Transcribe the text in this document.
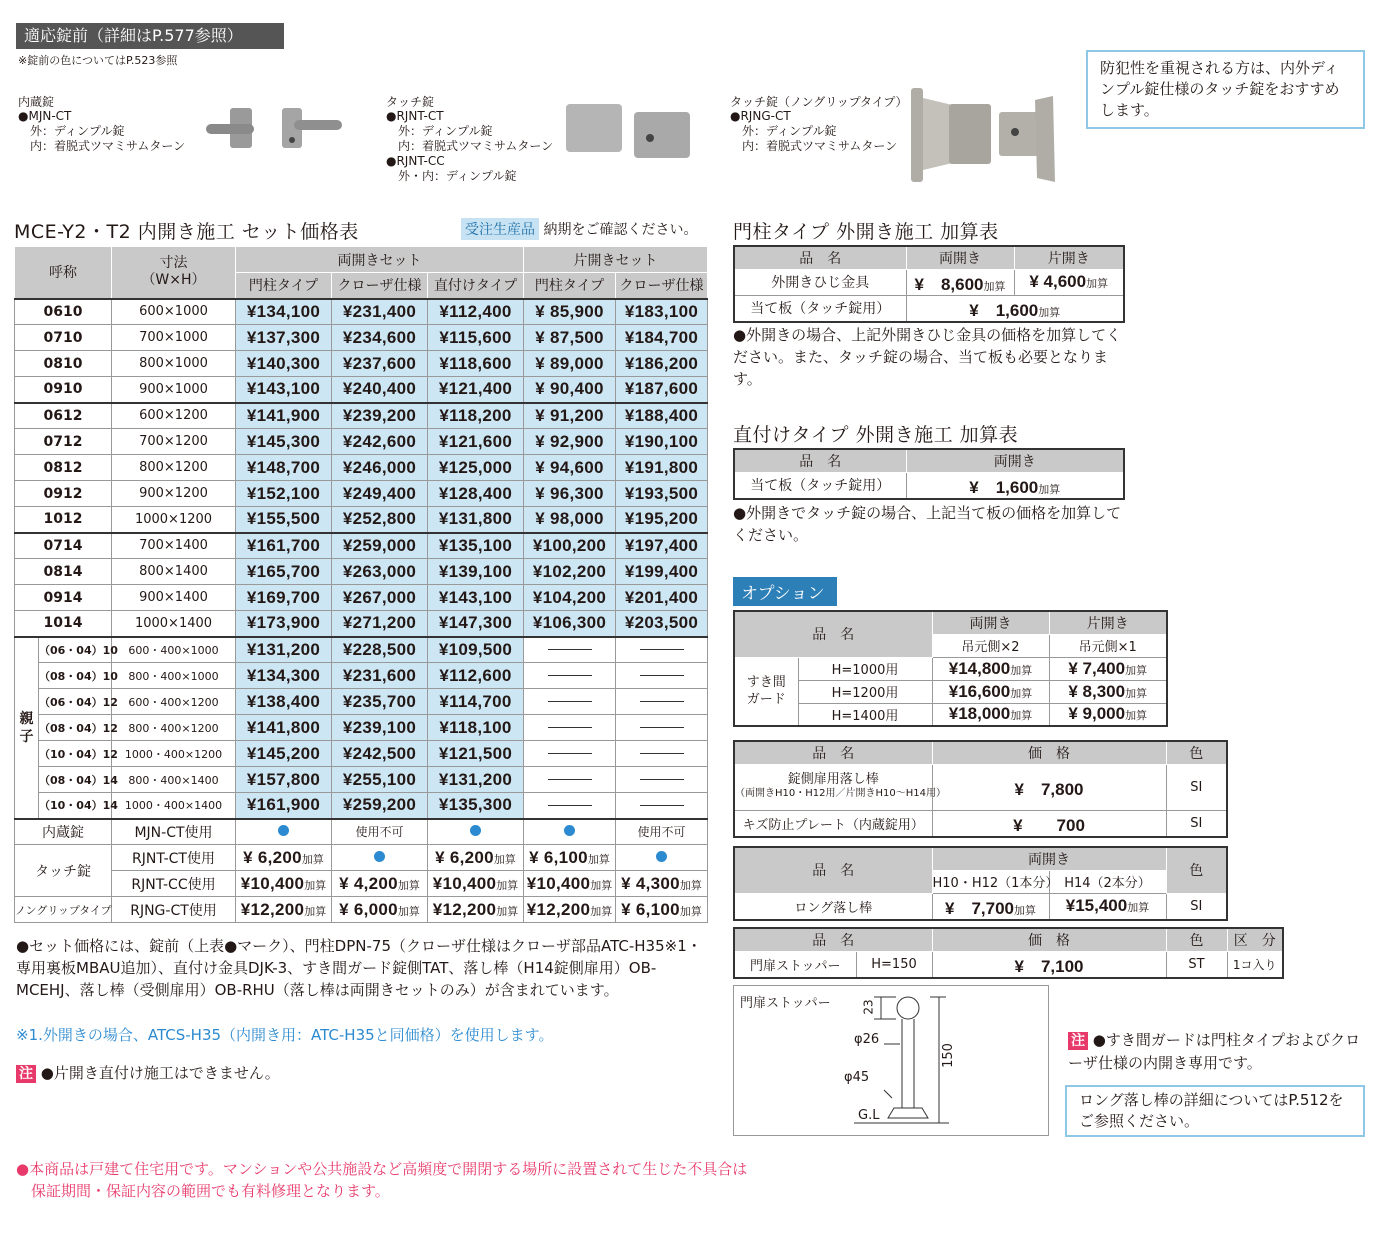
適応錠前（詳細はP.577参照）
※錠前の色についてはP.523参照
内蔵錠
●MJN-CT
　外：ディンプル錠
　内：着脱式ツマミサムターン
タッチ錠
●RJNT-CT
　外：ディンプル錠
　内：着脱式ツマミサムターン
●RJNT-CC
　外・内：ディンプル錠
タッチ錠（ノングリップタイプ）
●RJNG-CT
　外：ディンプル錠
　内：着脱式ツマミサムターン
防犯性を重視される方は、内外ディンプル錠仕様のタッチ錠をおすすめします。
MCE-Y2・T2 内開き施工 セット価格表	受注生産品 納期をご確認ください。
呼称		寸法
（W×H）	両開きセット			片開きセット	
			門柱タイプ	クローザ仕様	直付けタイプ	門柱タイプ	クローザ仕様
0610		600×1000	¥134,100	¥231,400	¥112,400	¥ 85,900	¥183,100
0710		700×1000	¥137,300	¥234,600	¥115,600	¥ 87,500	¥184,700
0810		800×1000	¥140,300	¥237,600	¥118,600	¥ 89,000	¥186,200
0910		900×1000	¥143,100	¥240,400	¥121,400	¥ 90,400	¥187,600
0612		600×1200	¥141,900	¥239,200	¥118,200	¥ 91,200	¥188,400
0712		700×1200	¥145,300	¥242,600	¥121,600	¥ 92,900	¥190,100
0812		800×1200	¥148,700	¥246,000	¥125,000	¥ 94,600	¥191,800
0912		900×1200	¥152,100	¥249,400	¥128,400	¥ 96,300	¥193,500
1012		1000×1200	¥155,500	¥252,800	¥131,800	¥ 98,000	¥195,200
0714		700×1400	¥161,700	¥259,000	¥135,100	¥100,200	¥197,400
0814		800×1400	¥165,700	¥263,000	¥139,100	¥102,200	¥199,400
0914		900×1400	¥169,700	¥267,000	¥143,100	¥104,200	¥201,400
1014		1000×1400	¥173,900	¥271,200	¥147,300	¥106,300	¥203,500
親
子	（06・04）10	600・400×1000	¥131,200	¥228,500	¥109,500		
	（08・04）10	800・400×1000	¥134,300	¥231,600	¥112,600		
	（06・04）12	600・400×1200	¥138,400	¥235,700	¥114,700		
	（08・04）12	800・400×1200	¥141,800	¥239,100	¥118,100		
	（10・04）12	1000・400×1200	¥145,200	¥242,500	¥121,500		
	（08・04）14	800・400×1400	¥157,800	¥255,100	¥131,200		
	（10・04）14	1000・400×1400	¥161,900	¥259,200	¥135,300		
内蔵錠		MJN-CT使用		使用不可			使用不可
タッチ錠		RJNT-CT使用	¥ 6,200加算		¥ 6,200加算	¥ 6,100加算	
		RJNT-CC使用	¥10,400加算	¥ 4,200加算	¥10,400加算	¥10,400加算	¥ 4,300加算
ノングリップタイプ		RJNG-CT使用	¥12,200加算	¥ 6,000加算	¥12,200加算	¥12,200加算	¥ 6,100加算
●セット価格には、錠前（上表●マーク）、門柱DPN-75（クローザ仕様はクローザ部品ATC-H35※1・専用裏板MBAU追加）、直付け金具DJK-3、すき間ガード錠側TAT、落し棒（H14錠側扉用）OB-MCEHJ、落し棒（受側扉用）OB-RHU（落し棒は両開きセットのみ）が含まれています。
※1.外開きの場合、ATCS-H35（内開き用：ATC-H35と同価格）を使用します。
注 ●片開き直付け施工はできません。
●本商品は戸建て住宅用です。マンションや公共施設など高頻度で開閉する場所に設置されて生じた不具合は
　保証期間・保証内容の範囲でも有料修理となります。
門柱タイプ 外開き施工 加算表
品　名	両開き	片開き
外開きひじ金具	¥　8,600加算	¥ 4,600加算
当て板（タッチ錠用）	¥　1,600加算	
●外開きの場合、上記外開きひじ金具の価格を加算してください。また、タッチ錠の場合、当て板も必要となります。
直付けタイプ 外開き施工 加算表
品　名	両開き
当て板（タッチ錠用）	¥　1,600加算
●外開きでタッチ錠の場合、上記当て板の価格を加算してください。
オプション
品　名		両開き	片開き
		吊元側×2	吊元側×1
すき間
ガード	H=1000用	¥14,800加算	¥ 7,400加算
	H=1200用	¥16,600加算	¥ 8,300加算
	H=1400用	¥18,000加算	¥ 9,000加算
品　名	価　格	色

錠側扉用落し棒
（両開きH10・H12用／片開きH10〜H14用）	¥　7,800	SI
キズ防止プレート（内蔵錠用）	¥　　700	SI
品　名	両開き		色
	H10・H12（1本分）	H14（2本分）	
ロング落し棒	¥　7,700加算	¥15,400加算	SI
品　名		価　格	色	区　分
門扉ストッパー	H=150	¥　7,100	ST	1コ入り
門扉ストッパー	23
φ26
φ45
G.L
150
注 ●すき間ガードは門柱タイプおよびクローザ仕様の内開き専用です。
ロング落し棒の詳細についてはP.512をご参照ください。
